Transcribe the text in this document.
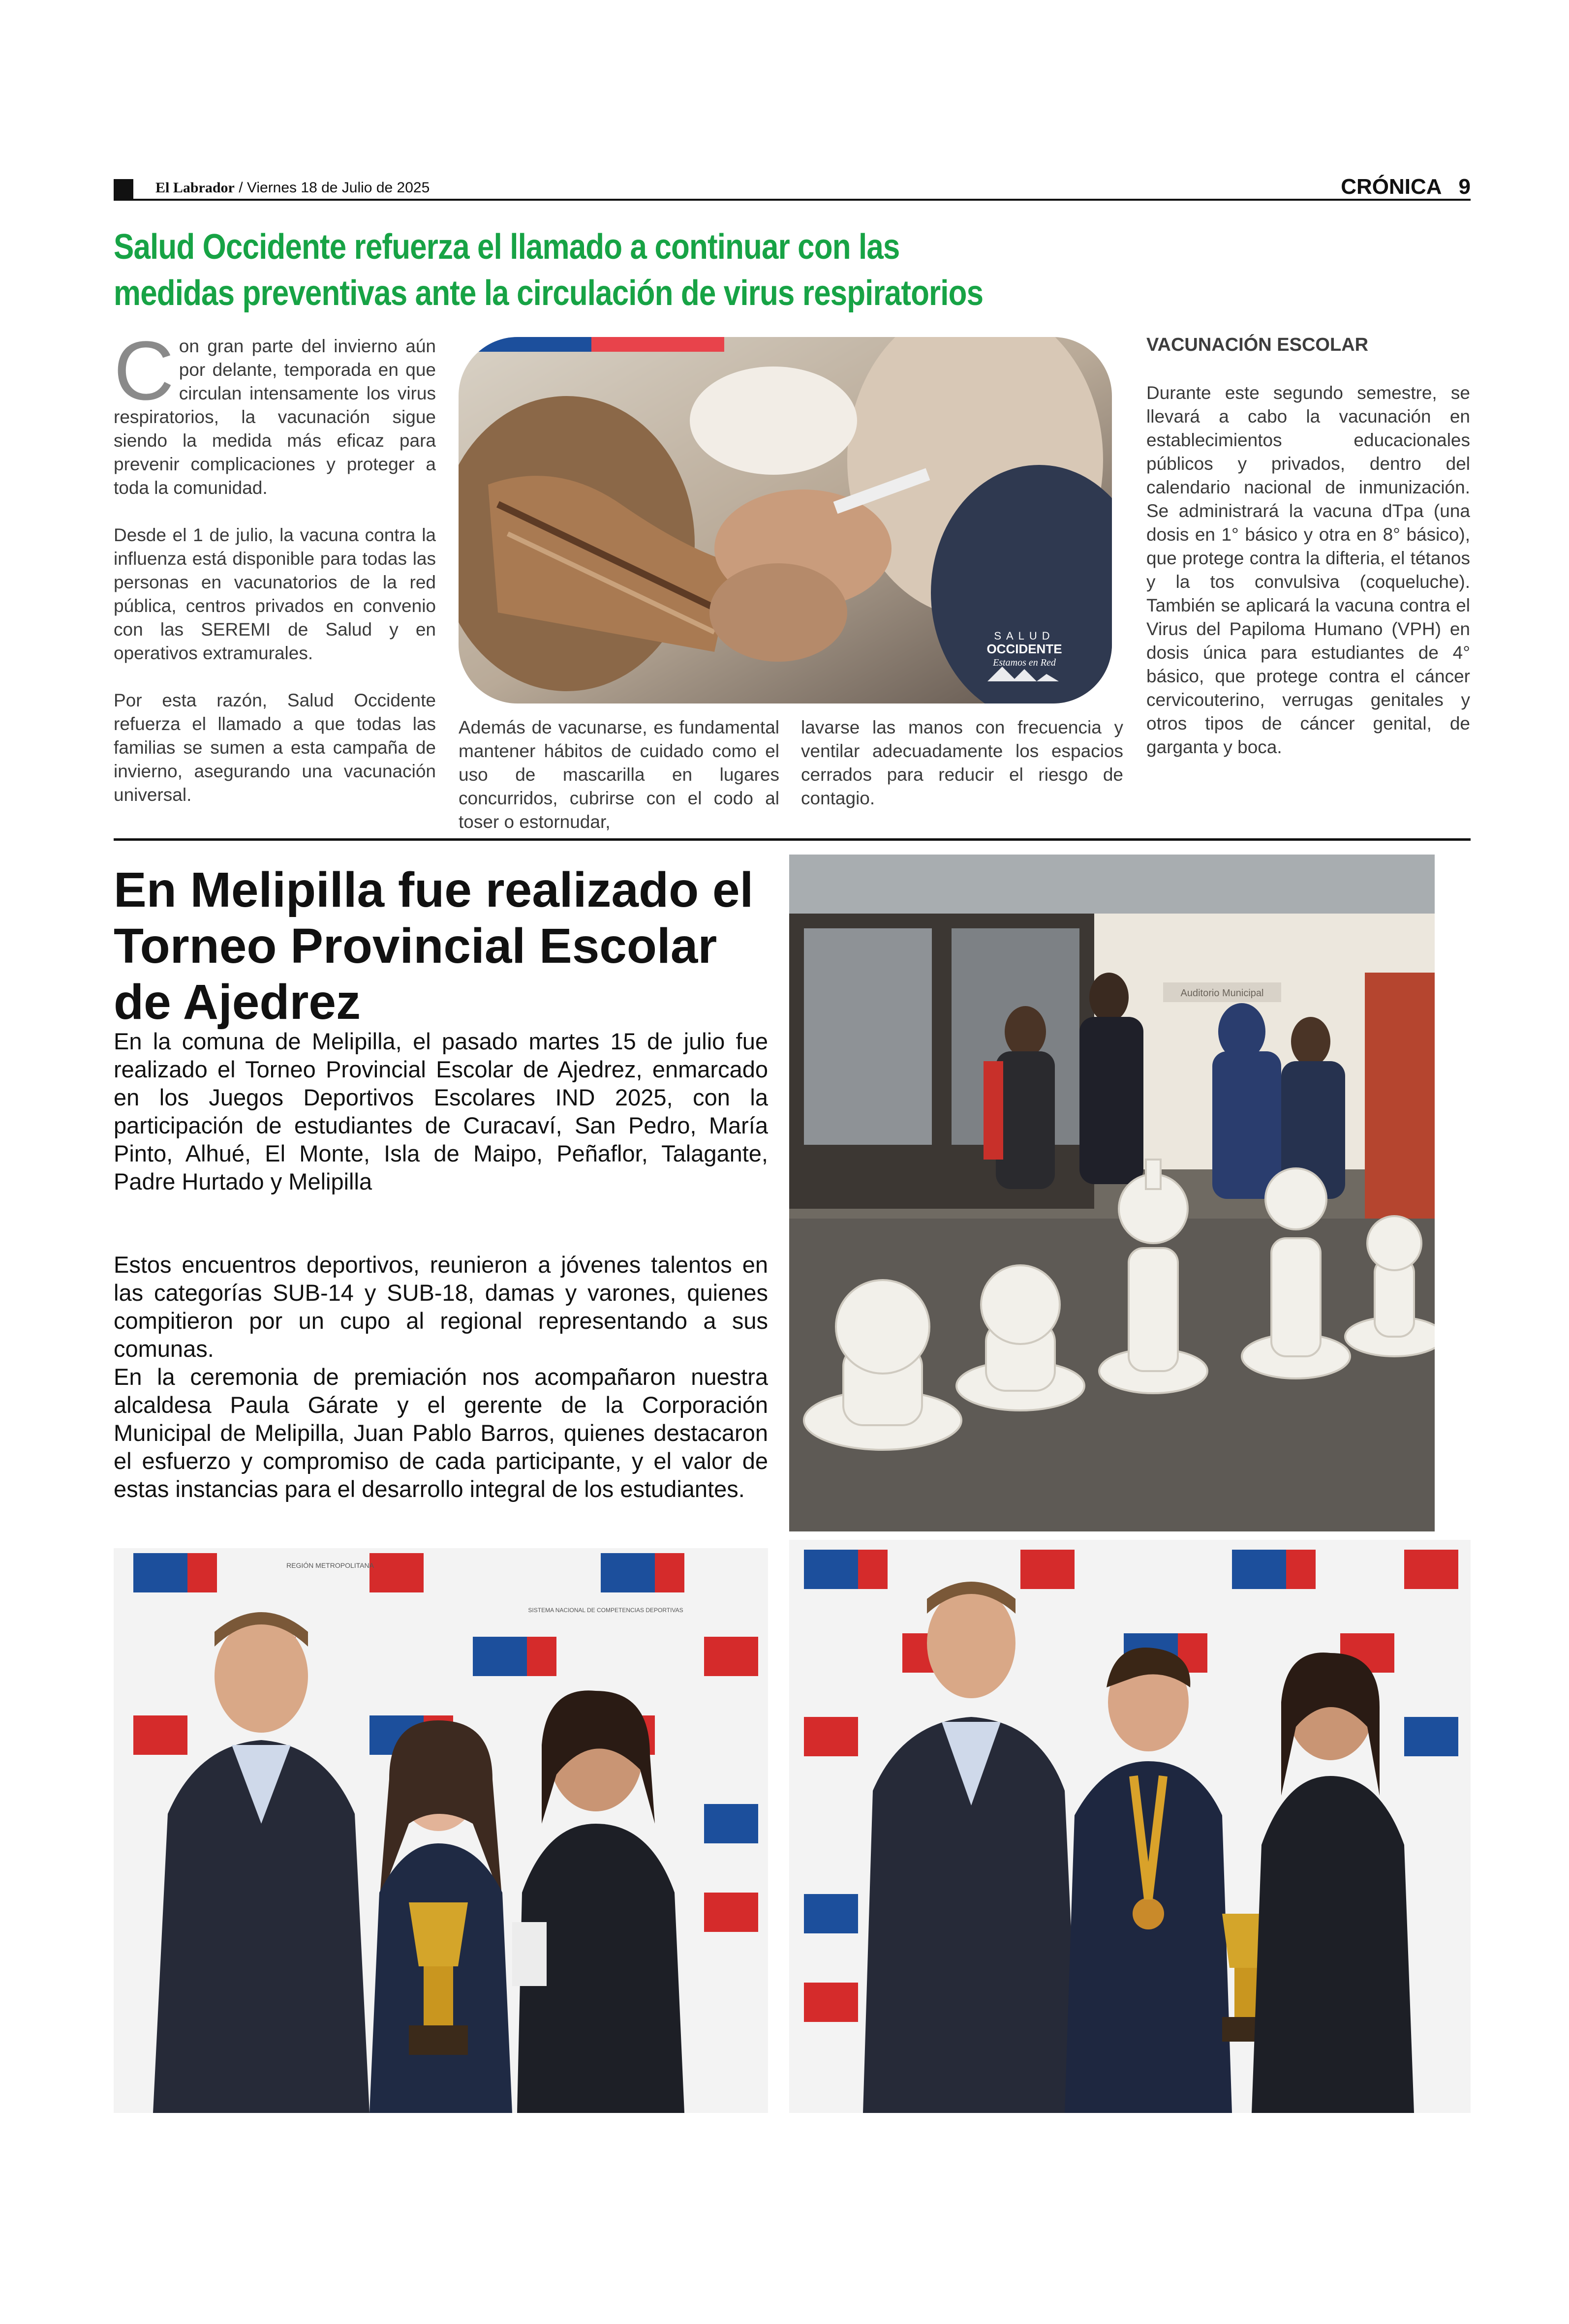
El Labrador / Viernes 18 de Julio de 2025	CRÓNICA 9
Salud Occidente refuerza el llamado a continuar con las
medidas preventivas ante la circulación de virus respiratorios

Con gran parte del invierno aún por delante, temporada en que circulan intensamente los virus respiratorios, la vacunación sigue siendo la medida más eficaz para prevenir complicaciones y proteger a toda la comunidad.

Desde el 1 de julio, la vacuna contra la influenza está disponible para todas las personas en vacunatorios de la red pública, centros privados en convenio con las SEREMI de Salud y en operativos extramurales.

Por esta razón, Salud Occidente refuerza el llamado a que todas las familias se sumen a esta campaña de invierno, asegurando una vacunación universal.

SALUD
OCCIDENTE
Estamos en Red
Además de vacunarse, es fundamental mantener hábitos de cuidado como el uso de mascarilla en lugares concurridos, cubrirse con el codo al toser o estornudar,
lavarse las manos con frecuencia y ventilar adecuadamente los espacios cerrados para reducir el riesgo de contagio.
VACUNACIÓN ESCOLAR

Durante este segundo semestre, se llevará a cabo la vacunación en establecimientos educacionales públicos y privados, dentro del calendario nacional de inmunización. Se administrará la vacuna dTpa (una dosis en 1° básico y otra en 8° básico), que protege contra la difteria, el tétanos y la tos convulsiva (coqueluche). También se aplicará la vacuna contra el Virus del Papiloma Humano (VPH) en dosis única para estudiantes de 4° básico, que protege contra el cáncer cervicouterino, verrugas genitales y otros tipos de cáncer genital, de garganta y boca.

En Melipilla fue realizado el Torneo Provincial Escolar de Ajedrez
En la comuna de Melipilla, el pasado martes 15 de julio fue realizado el Torneo Provincial Escolar de Ajedrez, enmarcado en los Juegos Deportivos Escolares IND 2025, con la participación de estudiantes de Curacaví, San Pedro, María Pinto, Alhué, El Monte, Isla de Maipo, Peñaflor, Talagante, Padre Hurtado y Melipilla

Estos encuentros deportivos, reunieron a jóvenes talentos en las categorías SUB-14 y SUB-18, damas y varones, quienes compitieron por un cupo al regional representando a sus comunas.

En la ceremonia de premiación nos acompañaron nuestra alcaldesa Paula Gárate y el gerente de la Corporación Municipal de Melipilla, Juan Pablo Barros, quienes destacaron el esfuerzo y compromiso de cada participante, y el valor de estas instancias para el desarrollo integral de los estudiantes.

Auditorio Municipal
REGIÓN METROPOLITANA
SISTEMA NACIONAL DE COMPETENCIAS DEPORTIVAS
